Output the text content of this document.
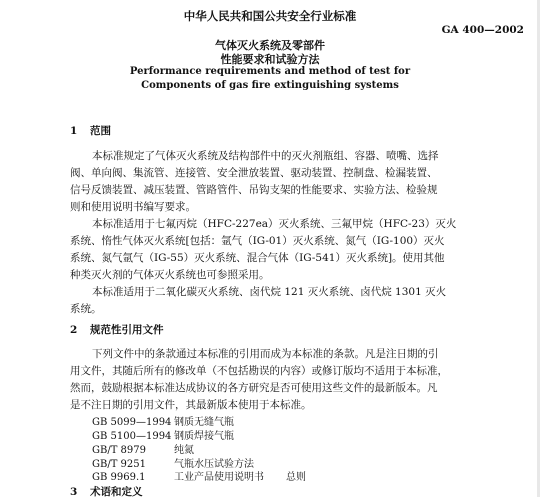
中华人民共和国公共安全行业标准
GA 400—2002
气体灭火系统及零部件
性能要求和试验方法
Performance requirements and method of test for
Components of gas fire extinguishing systems
1 范围
本标准规定了气体灭火系统及结构部件中的灭火剂瓶组、容器、喷嘴、选择
阀、单向阀、集流管、连接管、安全泄放装置、驱动装置、控制盘、检漏装置、
信号反馈装置、减压装置、管路管件、吊钩支架的性能要求、实验方法、检验规
则和使用说明书编写要求。
本标准适用于七氟丙烷（HFC-227ea）灭火系统、三氟甲烷（HFC-23）灭火
系统、惰性气体灭火系统[包括：氩气（IG-01）灭火系统、氮气（IG-100）灭火
系统、氮气氩气（IG-55）灭火系统、混合气体（IG-541）灭火系统]。使用其他
种类灭火剂的气体灭火系统也可参照采用。
本标准适用于二氧化碳灭火系统、卤代烷 121 灭火系统、卤代烷 1301 灭火
系统。
2 规范性引用文件
下列文件中的条款通过本标准的引用而成为本标准的条款。凡是注日期的引
用文件，其随后所有的修改单（不包括勘误的内容）或修订版均不适用于本标准，
然而，鼓励根据本标准达成协议的各方研究是否可使用这些文件的最新版本。凡
是不注日期的引用文件，其最新版本使用于本标准。
GB 5099—1994 钢质无缝气瓶
GB 5100—1994 钢质焊接气瓶
GB/T 8979	纯氮
GB/T 9251	气瓶水压试验方法
GB 9969.1	工业产品使用说明书 总则
3 术语和定义
